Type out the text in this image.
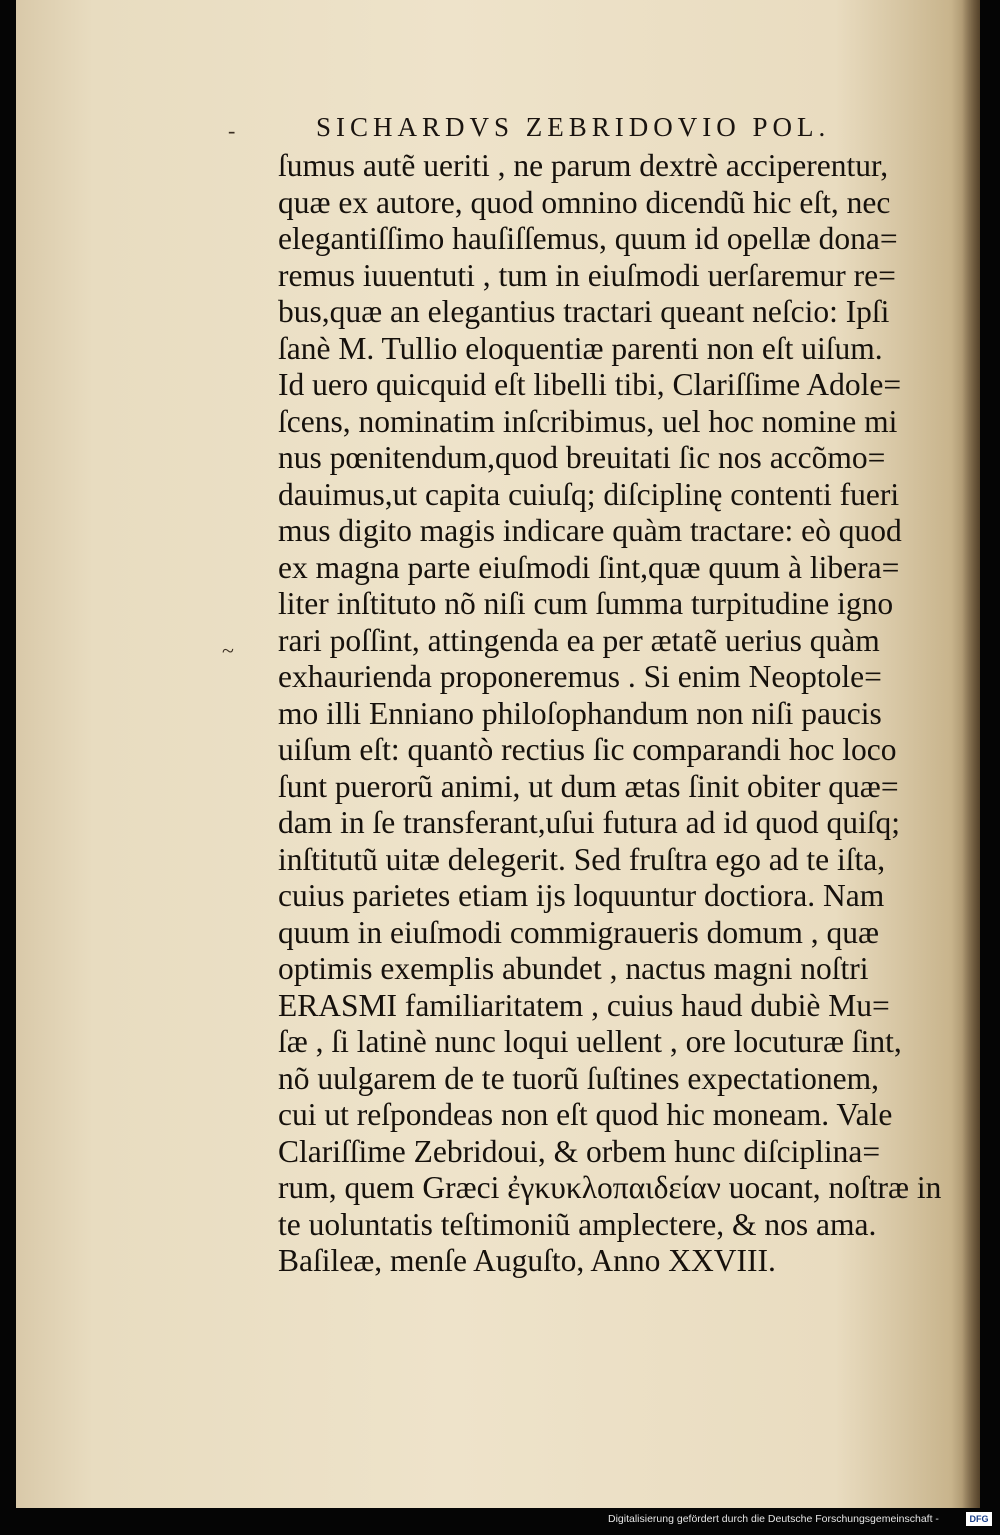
-
~
SICHARDVS ZEBRIDOVIO POL.
ſumus autẽ ueriti , ne parum dextrè acciperentur,
quæ ex autore, quod omnino dicendũ hic eſt, nec
elegantiſſimo hauſiſſemus, quum id opellæ dona=
remus iuuentuti , tum in eiuſmodi uerſaremur re=
bus,quæ an elegantius tractari queant neſcio: Ipſi
ſanè M. Tullio eloquentiæ parenti non eſt uiſum.
Id uero quicquid eſt libelli tibi, Clariſſime Adole=
ſcens, nominatim inſcribimus, uel hoc nomine mi
nus pœnitendum,quod breuitati ſic nos accõmo=
dauimus,ut capita cuiuſq; diſciplinę contenti fueri
mus digito magis indicare quàm tractare: eò quod
ex magna parte eiuſmodi ſint,quæ quum à libera=
liter inſtituto nõ niſi cum ſumma turpitudine igno
rari poſſint, attingenda ea per ætatẽ uerius quàm
exhaurienda proponeremus . Si enim Neoptole=
mo illi Enniano philoſophandum non niſi paucis
uiſum eſt: quantò rectius ſic comparandi hoc loco
ſunt puerorũ animi, ut dum ætas ſinit obiter quæ=
dam in ſe transferant,uſui futura ad id quod quiſq;
inſtitutũ uitæ delegerit. Sed fruſtra ego ad te iſta,
cuius parietes etiam ijs loquuntur doctiora. Nam
quum in eiuſmodi commigraueris domum , quæ
optimis exemplis abundet , nactus magni noſtri
ERASMI familiaritatem , cuius haud dubiè Mu=
ſæ , ſi latinè nunc loqui uellent , ore locuturæ ſint,
nõ uulgarem de te tuorũ ſuſtines expectationem,
cui ut reſpondeas non eſt quod hic moneam. Vale
Clariſſime Zebridoui, & orbem hunc diſciplina=
rum, quem Græci ἐγκυκλοπαιδείαν uocant, noſtræ in
te uoluntatis teſtimoniũ amplectere, & nos ama.
Baſileæ, menſe Auguſto, Anno XXVIII.
Digitalisierung gefördert durch die Deutsche Forschungsgemeinschaft -	DFG
